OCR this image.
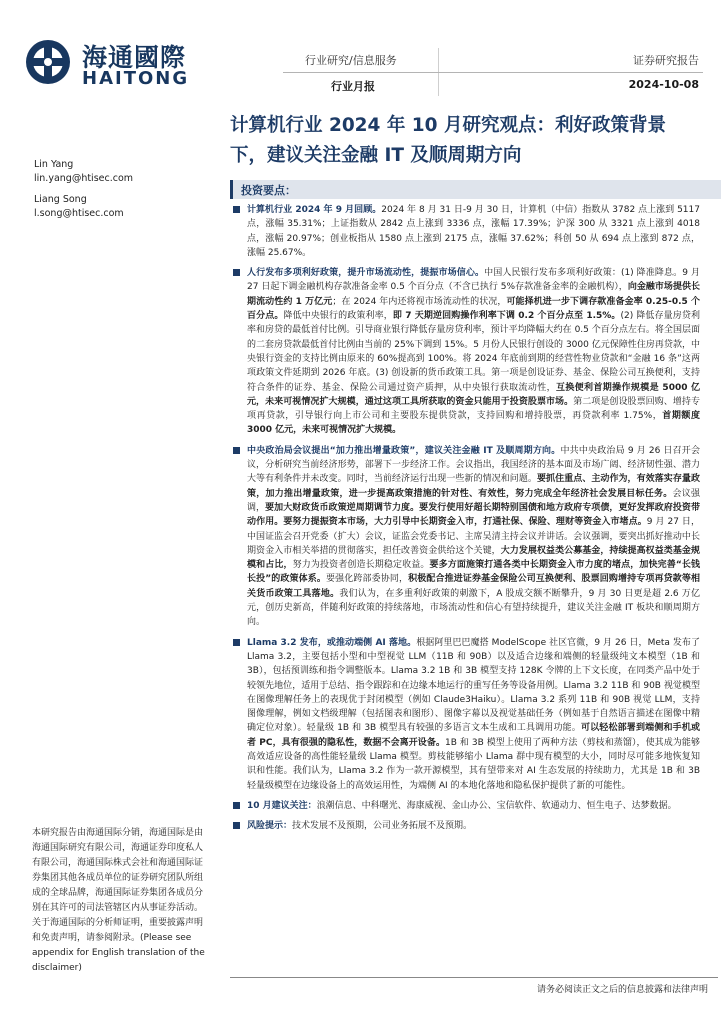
海通國際
HAITONG
行业研究/信息服务	证券研究报告
行业月报	2024-10-08
计算机行业 2024 年 10 月研究观点：利好政策背景下，建议关注金融 IT 及顺周期方向
Lin Yang
lin.yang@htisec.com
Liang Song
l.song@htisec.com
投资要点：
计算机行业 2024 年 9 月回顾。2024 年 8 月 31 日-9 月 30 日，计算机（中信）指数从 3782 点上涨到 5117 点，涨幅 35.31%；上证指数从 2842 点上涨到 3336 点，涨幅 17.39%；沪深 300 从 3321 点上涨到 4018 点，涨幅 20.97%；创业板指从 1580 点上涨到 2175 点，涨幅 37.62%；科创 50 从 694 点上涨到 872 点，涨幅 25.67%。
人行发布多项利好政策，提升市场流动性，提振市场信心。中国人民银行发布多项利好政策：(1) 降准降息。9 月 27 日起下调金融机构存款准备金率 0.5 个百分点（不含已执行 5%存款准备金率的金融机构），向金融市场提供长期流动性约 1 万亿元；在 2024 年内还将视市场流动性的状况，可能择机进一步下调存款准备金率 0.25-0.5 个百分点。降低中央银行的政策利率，即 7 天期逆回购操作利率下调 0.2 个百分点至 1.5%。(2) 降低存量房贷利率和房贷的最低首付比例。引导商业银行降低存量房贷利率，预计平均降幅大约在 0.5 个百分点左右。将全国层面的二套房贷款最低首付比例由当前的 25%下调到 15%。5 月份人民银行创设的 3000 亿元保障性住房再贷款，中央银行资金的支持比例由原来的 60%提高到 100%。将 2024 年底前到期的经营性物业贷款和“金融 16 条”这两项政策文件延期到 2026 年底。(3) 创设新的货币政策工具。第一项是创设证券、基金、保险公司互换便利，支持符合条件的证券、基金、保险公司通过资产质押，从中央银行获取流动性，互换便利首期操作规模是 5000 亿元，未来可视情况扩大规模，通过这项工具所获取的资金只能用于投资股票市场。第二项是创设股票回购、增持专项再贷款，引导银行向上市公司和主要股东提供贷款，支持回购和增持股票，再贷款利率 1.75%，首期额度 3000 亿元，未来可视情况扩大规模。
中央政治局会议提出“加力推出增量政策”，建议关注金融 IT 及顺周期方向。中共中央政治局 9 月 26 日召开会议，分析研究当前经济形势，部署下一步经济工作。会议指出，我国经济的基本面及市场广阔、经济韧性强、潜力大等有利条件并未改变。同时，当前经济运行出现一些新的情况和问题。要抓住重点、主动作为，有效落实存量政策，加力推出增量政策，进一步提高政策措施的针对性、有效性，努力完成全年经济社会发展目标任务。会议强调，要加大财政货币政策逆周期调节力度。要发行使用好超长期特别国债和地方政府专项债，更好发挥政府投资带动作用。要努力提振资本市场，大力引导中长期资金入市，打通社保、保险、理财等资金入市堵点。9 月 27 日，中国证监会召开党委（扩大）会议，证监会党委书记、主席吴清主持会议并讲话。会议强调，要突出抓好推动中长期资金入市相关举措的贯彻落实，担任改善资金供给这个关键，大力发展权益类公募基金，持续提高权益类基金规模和占比，努力为投资者创造长期稳定收益。要多方面施策打通各类中长期资金入市力度的堵点，加快完善“长钱长投”的政策体系。要强化跨部委协同，积极配合推进证券基金保险公司互换便利、股票回购增持专项再贷款等相关货币政策工具落地。我们认为，在多重利好政策的刺激下，A 股成交额不断攀升，9 月 30 日更是超 2.6 万亿元，创历史新高，伴随利好政策的持续落地，市场流动性和信心有望持续提升，建议关注金融 IT 板块和顺周期方向。
Llama 3.2 发布，或推动端侧 AI 落地。根据阿里巴巴魔搭 ModelScope 社区官微，9 月 26 日，Meta 发布了 Llama 3.2，主要包括小型和中型视觉 LLM（11B 和 90B）以及适合边缘和端侧的轻量级纯文本模型（1B 和 3B），包括预训练和指令调整版本。Llama 3.2 1B 和 3B 模型支持 128K 令牌的上下文长度，在同类产品中处于较领先地位，适用于总结、指令跟踪和在边缘本地运行的重写任务等设备用例。Llama 3.2 11B 和 90B 视觉模型在图像理解任务上的表现优于封闭模型（例如 Claude3Haiku）。Llama 3.2 系列 11B 和 90B 视觉 LLM，支持图像理解，例如文档级理解（包括图表和图形）、图像字幕以及视觉基础任务（例如基于自然语言描述在图像中精确定位对象）。轻量级 1B 和 3B 模型具有较强的多语言文本生成和工具调用功能。可以轻松部署到端侧和手机或者 PC，具有很强的隐私性，数据不会离开设备。1B 和 3B 模型上使用了两种方法（剪枝和蒸馏），使其成为能够高效适应设备的高性能轻量级 Llama 模型。剪枝能够缩小 Llama 群中现有模型的大小，同时尽可能多地恢复知识和性能。我们认为，Llama 3.2 作为一款开源模型，其有望带来对 AI 生态发展的持续助力，尤其是 1B 和 3B 轻量级模型在边缘设备上的高效运用性，为端侧 AI 的本地化落地和隐私保护提供了新的可能性。
10 月建议关注：浪潮信息、中科曙光、海康威视、金山办公、宝信软件、软通动力、恒生电子、达梦数据。
风险提示：技术发展不及预期，公司业务拓展不及预期。
本研究报告由海通国际分销，海通国际是由海通国际研究有限公司，海通证券印度私人有限公司，海通国际株式会社和海通国际证券集团其他各成员单位的证券研究团队所组成的全球品牌，海通国际证券集团各成员分别在其许可的司法管辖区内从事证券活动。关于海通国际的分析师证明，重要披露声明和免责声明，请参阅附录。(Please see appendix for English translation of the disclaimer)
请务必阅读正文之后的信息披露和法律声明
